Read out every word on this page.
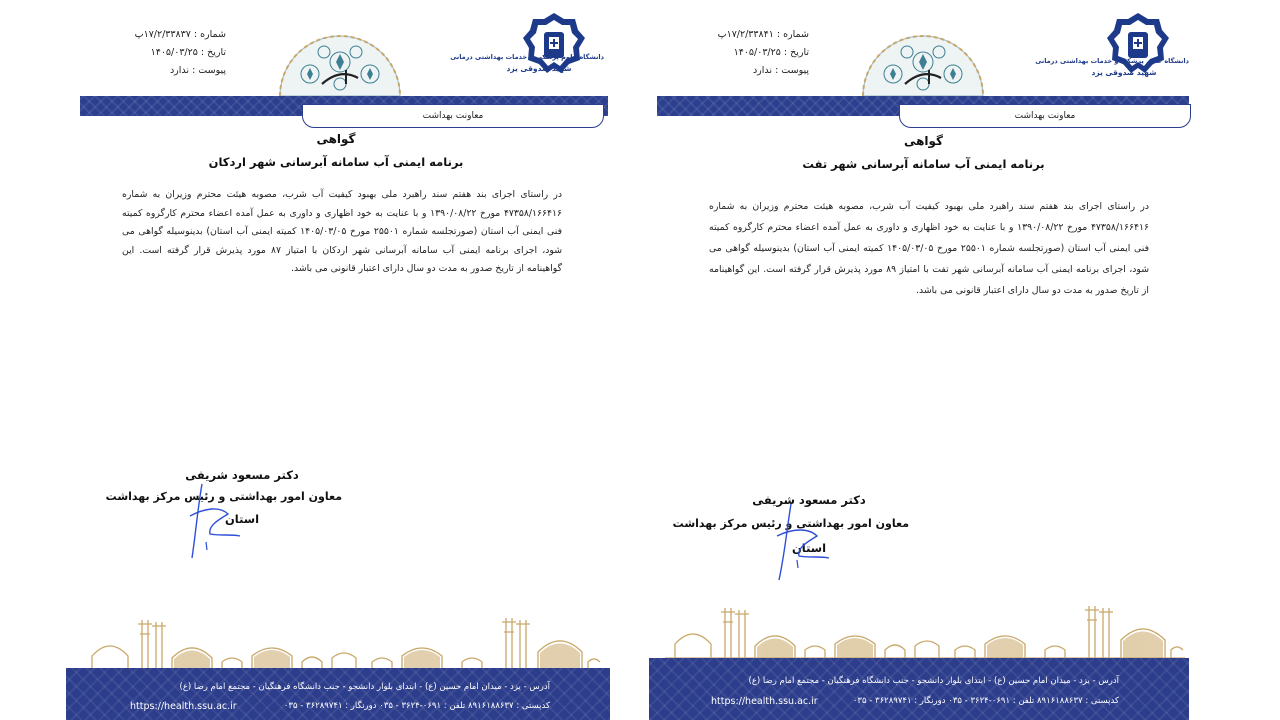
شماره : ۱۷/۲/۳۳۸۳۷پ
تاریخ : ۱۴۰۵/۰۳/۲۵
پیوست : ندارد
دانشگاه علوم پزشکی و خدمات بهداشتی درمانی
شهید صدوقی یزد
معاونت بهداشت
گواهی
برنامه ایمنی آب سامانه آبرسانی شهر اردکان
در راستای اجرای بند هفتم سند راهبرد ملی بهبود کیفیت آب شرب، مصوبه هیئت محترم وزیران به شماره ۴۷۳۵۸/۱۶۶۴۱۶ مورخ ۱۳۹۰/۰۸/۲۲ و با عنایت به خود اظهاری و داوری به عمل آمده اعضاء محترم کارگروه کمیته فنی ایمنی آب استان (صورتجلسه شماره ۲۵۵۰۱ مورخ ۱۴۰۵/۰۳/۰۵ کمیته ایمنی آب استان) بدینوسیله گواهی می شود، اجرای برنامه ایمنی آب سامانه آبرسانی شهر اردکان با امتیاز ۸۷ مورد پذیرش قرار گرفته است. این گواهینامه از تاریخ صدور به مدت دو سال دارای اعتبار قانونی می باشد.
دکتر مسعود شریفی
معاون امور بهداشتی و رئیس مرکز بهداشت
استان
آدرس - یزد - میدان امام حسین (ع) - ابتدای بلوار دانشجو - جنب دانشگاه فرهنگیان - مجتمع امام رضا (ع)
کدپستی : ۸۹۱۶۱۸۸۶۳۷ تلفن : ۰۶۹۱-۳۶۲۴ - ۰۳۵ دورنگار : ۳۶۲۸۹۷۴۱ - ۰۳۵
https://health.ssu.ac.ir
شماره : ۱۷/۲/۳۳۸۴۱پ
تاریخ : ۱۴۰۵/۰۳/۲۵
پیوست : ندارد
دانشگاه علوم پزشکی و خدمات بهداشتی درمانی
شهید صدوقی یزد
معاونت بهداشت
گواهی
برنامه ایمنی آب سامانه آبرسانی شهر تفت
در راستای اجرای بند هفتم سند راهبرد ملی بهبود کیفیت آب شرب، مصوبه هیئت محترم وزیران به شماره ۴۷۳۵۸/۱۶۶۴۱۶ مورخ ۱۳۹۰/۰۸/۲۲ و با عنایت به خود اظهاری و داوری به عمل آمده اعضاء محترم کارگروه کمیته فنی ایمنی آب استان (صورتجلسه شماره ۲۵۵۰۱ مورخ ۱۴۰۵/۰۳/۰۵ کمیته ایمنی آب استان) بدینوسیله گواهی می شود، اجرای برنامه ایمنی آب سامانه آبرسانی شهر تفت با امتیاز ۸۹ مورد پذیرش قرار گرفته است. این گواهینامه از تاریخ صدور به مدت دو سال دارای اعتبار قانونی می باشد.
دکتر مسعود شریفی
معاون امور بهداشتی و رئیس مرکز بهداشت
استان
آدرس - یزد - میدان امام حسین (ع) - ابتدای بلوار دانشجو - جنب دانشگاه فرهنگیان - مجتمع امام رضا (ع)
کدپستی : ۸۹۱۶۱۸۸۶۳۷ تلفن : ۰۶۹۱-۳۶۲۴ - ۰۳۵ دورنگار : ۳۶۲۸۹۷۴۱ - ۰۳۵
https://health.ssu.ac.ir
